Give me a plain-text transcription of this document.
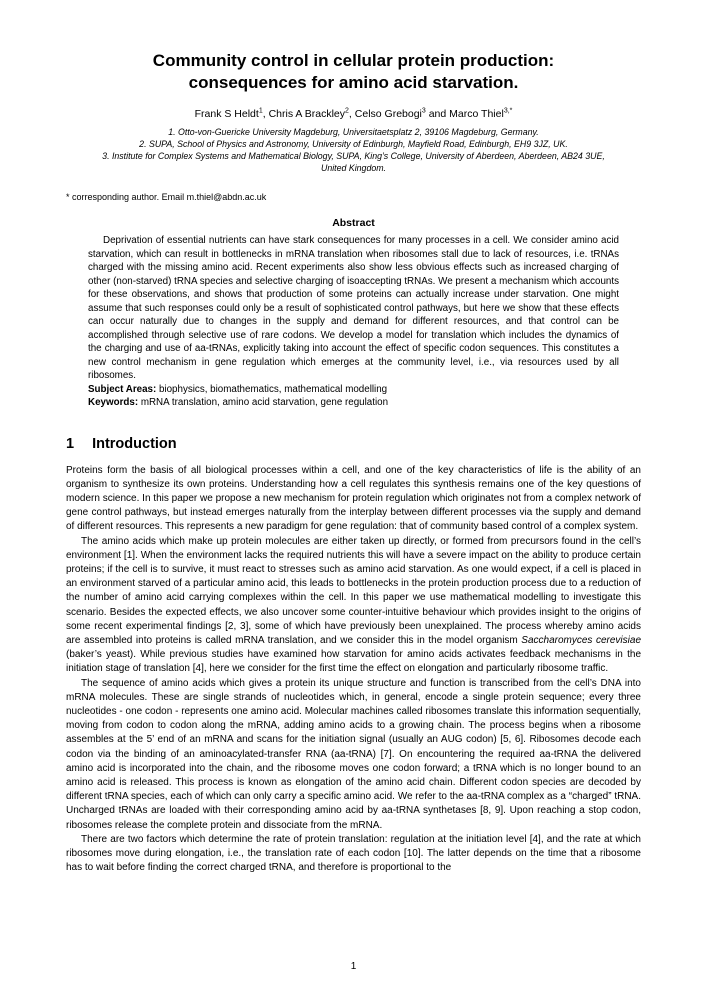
Community control in cellular protein production:
consequences for amino acid starvation.
Frank S Heldt$^1$, Chris A Brackley$^2$, Celso Grebogi$^3$ and Marco Thiel$^{3,*}$
1. Otto-von-Guericke University Magdeburg, Universitaetsplatz 2, 39106 Magdeburg, Germany.
2. SUPA, School of Physics and Astronomy, University of Edinburgh, Mayfield Road, Edinburgh, EH9 3JZ, UK.
3. Institute for Complex Systems and Mathematical Biology, SUPA, King’s College, University of Aberdeen, Aberdeen, AB24 3UE,
United Kingdom.
* corresponding author. Email m.thiel@abdn.ac.uk
Abstract

Deprivation of essential nutrients can have stark consequences for many processes in a cell. We consider amino acid starvation, which can result in bottlenecks in mRNA translation when ribosomes stall due to lack of resources, i.e. tRNAs charged with the missing amino acid. Recent experiments also show less obvious effects such as increased charging of other (non-starved) tRNA species and selective charging of isoaccepting tRNAs. We present a mechanism which accounts for these observations, and shows that production of some proteins can actually increase under starvation. One might assume that such responses could only be a result of sophisticated control pathways, but here we show that these effects can occur naturally due to changes in the supply and demand for different resources, and that control can be accomplished through selective use of rare codons. We develop a model for translation which includes the dynamics of the charging and use of aa-tRNAs, explicitly taking into account the effect of specific codon sequences. This constitutes a new control mechanism in gene regulation which emerges at the community level, i.e., via resources used by all ribosomes.

Subject Areas: biophysics, biomathematics, mathematical modelling
Keywords: mRNA translation, amino acid starvation, gene regulation
1 Introduction

Proteins form the basis of all biological processes within a cell, and one of the key characteristics of life is the ability of an organism to synthesize its own proteins. Understanding how a cell regulates this synthesis remains one of the key questions of modern science. In this paper we propose a new mechanism for protein regulation which originates not from a complex network of gene control pathways, but instead emerges naturally from the interplay between different processes via the supply and demand of different resources. This represents a new paradigm for gene regulation: that of community based control of a complex system.

The amino acids which make up protein molecules are either taken up directly, or formed from precursors found in the cell’s environment [1]. When the environment lacks the required nutrients this will have a severe impact on the ability to produce certain proteins; if the cell is to survive, it must react to stresses such as amino acid starvation. As one would expect, if a cell is placed in an environment starved of a particular amino acid, this leads to bottlenecks in the protein production process due to a reduction of the number of amino acid carrying complexes within the cell. In this paper we use mathematical modelling to investigate this scenario. Besides the expected effects, we also uncover some counter-intuitive behaviour which provides insight to the origins of some recent experimental findings [2, 3], some of which have previously been unexplained. The process whereby amino acids are assembled into proteins is called mRNA translation, and we consider this in the model organism Saccharomyces cerevisiae (baker’s yeast). While previous studies have examined how starvation for amino acids activates feedback mechanisms in the initiation stage of translation [4], here we consider for the first time the effect on elongation and particularly ribosome traffic.

The sequence of amino acids which gives a protein its unique structure and function is transcribed from the cell’s DNA into mRNA molecules. These are single strands of nucleotides which, in general, encode a single protein sequence; every three nucleotides - one codon - represents one amino acid. Molecular machines called ribosomes translate this information sequentially, moving from codon to codon along the mRNA, adding amino acids to a growing chain. The process begins when a ribosome assembles at the 5’ end of an mRNA and scans for the initiation signal (usually an AUG codon) [5, 6]. Ribosomes decode each codon via the binding of an aminoacylated-transfer RNA (aa-tRNA) [7]. On encountering the required aa-tRNA the delivered amino acid is incorporated into the chain, and the ribosome moves one codon forward; a tRNA which is no longer bound to an amino acid is released. This process is known as elongation of the amino acid chain. Different codon species are decoded by different tRNA species, each of which can only carry a specific amino acid. We refer to the aa-tRNA complex as a “charged” tRNA. Uncharged tRNAs are loaded with their corresponding amino acid by aa-tRNA synthetases [8, 9]. Upon reaching a stop codon, ribosomes release the complete protein and dissociate from the mRNA.

There are two factors which determine the rate of protein translation: regulation at the initiation level [4], and the rate at which ribosomes move during elongation, i.e., the translation rate of each codon [10]. The latter depends on the time that a ribosome has to wait before finding the correct charged tRNA, and therefore is proportional to the

1
